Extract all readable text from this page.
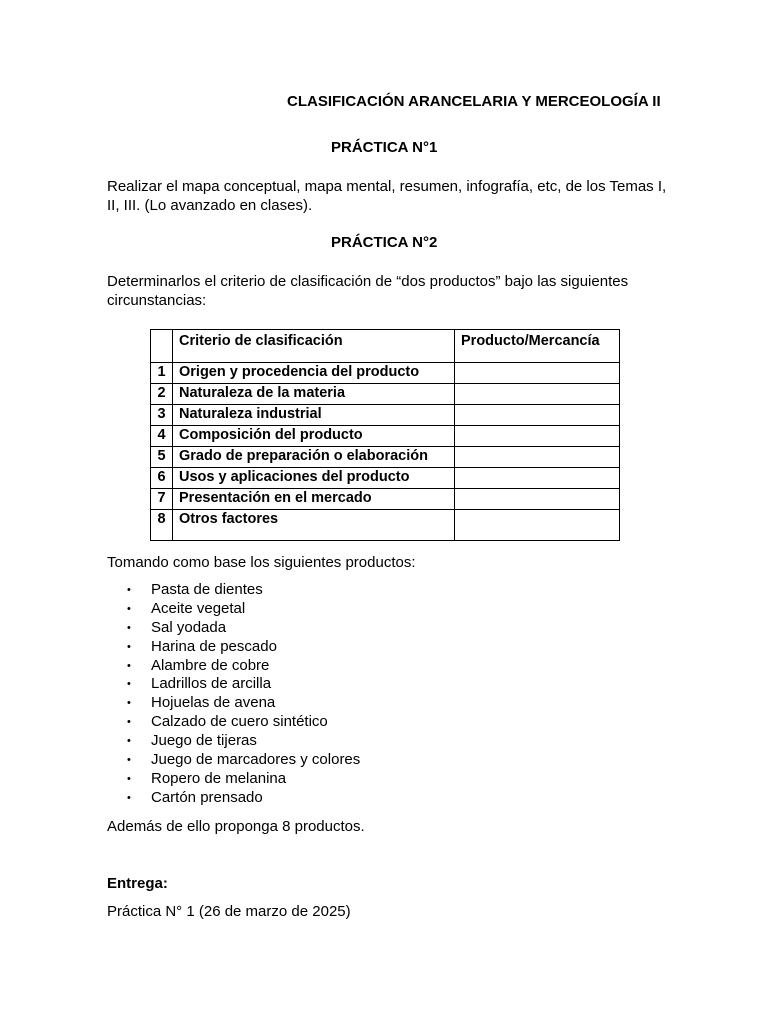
CLASIFICACIÓN ARANCELARIA Y MERCEOLOGÍA II
PRÁCTICA N°1
Realizar el mapa conceptual, mapa mental, resumen, infografía, etc, de los Temas I, II, III. (Lo avanzado en clases).
PRÁCTICA N°2
Determinarlos el criterio de clasificación de “dos productos” bajo las siguientes circunstancias:
	Criterio de clasificación	Producto/Mercancía
1	Origen y procedencia del producto	
2	Naturaleza de la materia	
3	Naturaleza industrial	
4	Composición del producto	
5	Grado de preparación o elaboración	
6	Usos y aplicaciones del producto	
7	Presentación en el mercado	
8	Otros factores	
Tomando como base los siguientes productos:
• Pasta de dientes
• Aceite vegetal
• Sal yodada
• Harina de pescado
• Alambre de cobre
• Ladrillos de arcilla
• Hojuelas de avena
• Calzado de cuero sintético
• Juego de tijeras
• Juego de marcadores y colores
• Ropero de melanina
• Cartón prensado
Además de ello proponga 8 productos.
Entrega:
Práctica N° 1 (26 de marzo de 2025)
